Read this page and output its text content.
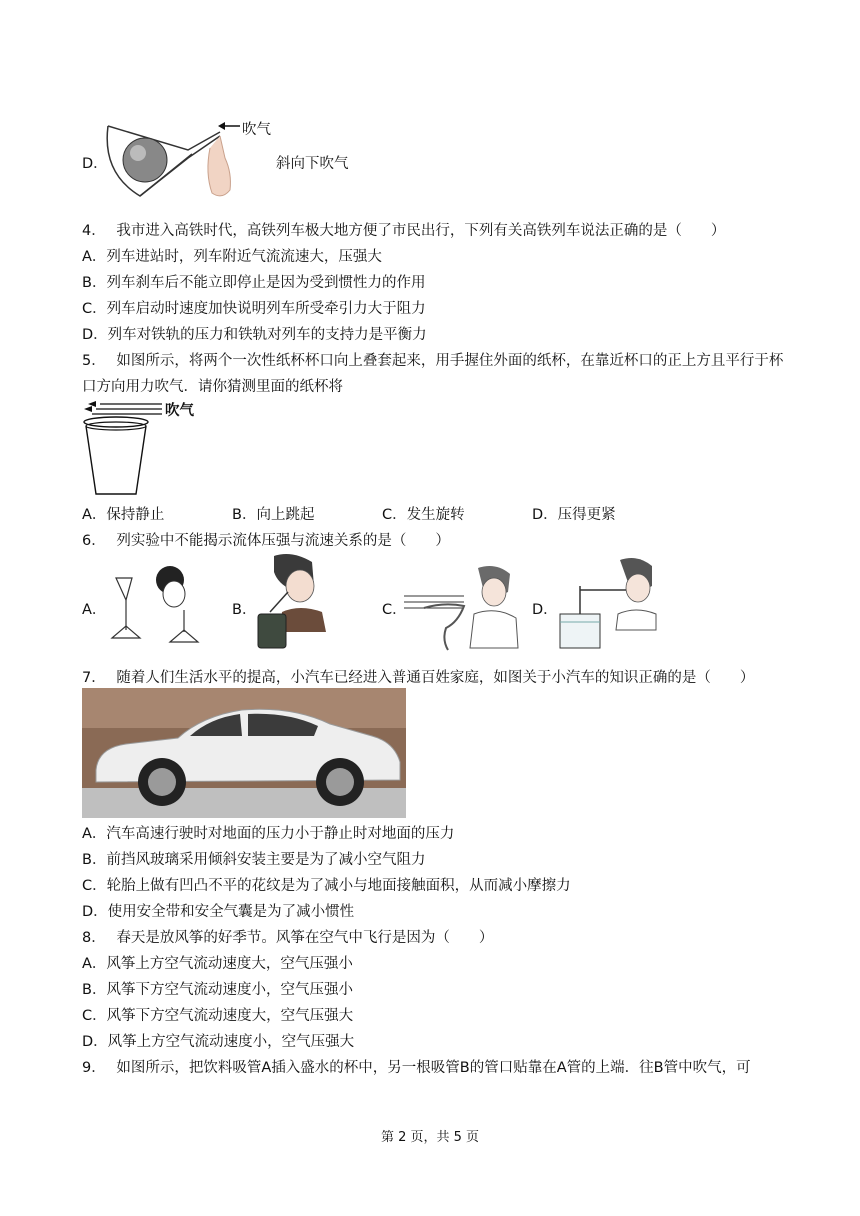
D．
吹气
斜向下吹气
4． 我市进入高铁时代，高铁列车极大地方便了市民出行，下列有关高铁列车说法正确的是（　　）
A．列车进站时，列车附近气流流速大，压强大
B．列车刹车后不能立即停止是因为受到惯性力的作用
C．列车启动时速度加快说明列车所受牵引力大于阻力
D．列车对铁轨的压力和铁轨对列车的支持力是平衡力
5． 如图所示，将两个一次性纸杯杯口向上叠套起来，用手握住外面的纸杯，在靠近杯口的正上方且平行于杯
口方向用力吹气．请你猜测里面的纸杯将
吹气
A．保持静止	B．向上跳起	C．发生旋转	D．压得更紧
6． 列实验中不能揭示流体压强与流速关系的是（　　）
A．	B．	C．	D．
7． 随着人们生活水平的提高，小汽车已经进入普通百姓家庭，如图关于小汽车的知识正确的是（　　）
A．汽车高速行驶时对地面的压力小于静止时对地面的压力
B．前挡风玻璃采用倾斜安装主要是为了减小空气阻力
C．轮胎上做有凹凸不平的花纹是为了减小与地面接触面积，从而减小摩擦力
D．使用安全带和安全气囊是为了减小惯性
8． 春天是放风筝的好季节。风筝在空气中飞行是因为（　　）
A．风筝上方空气流动速度大，空气压强小
B．风筝下方空气流动速度小，空气压强小
C．风筝下方空气流动速度大，空气压强大
D．风筝上方空气流动速度小，空气压强大
9． 如图所示，把饮料吸管A插入盛水的杯中，另一根吸管B的管口贴靠在A管的上端．往B管中吹气，可
第 2 页，共 5 页
